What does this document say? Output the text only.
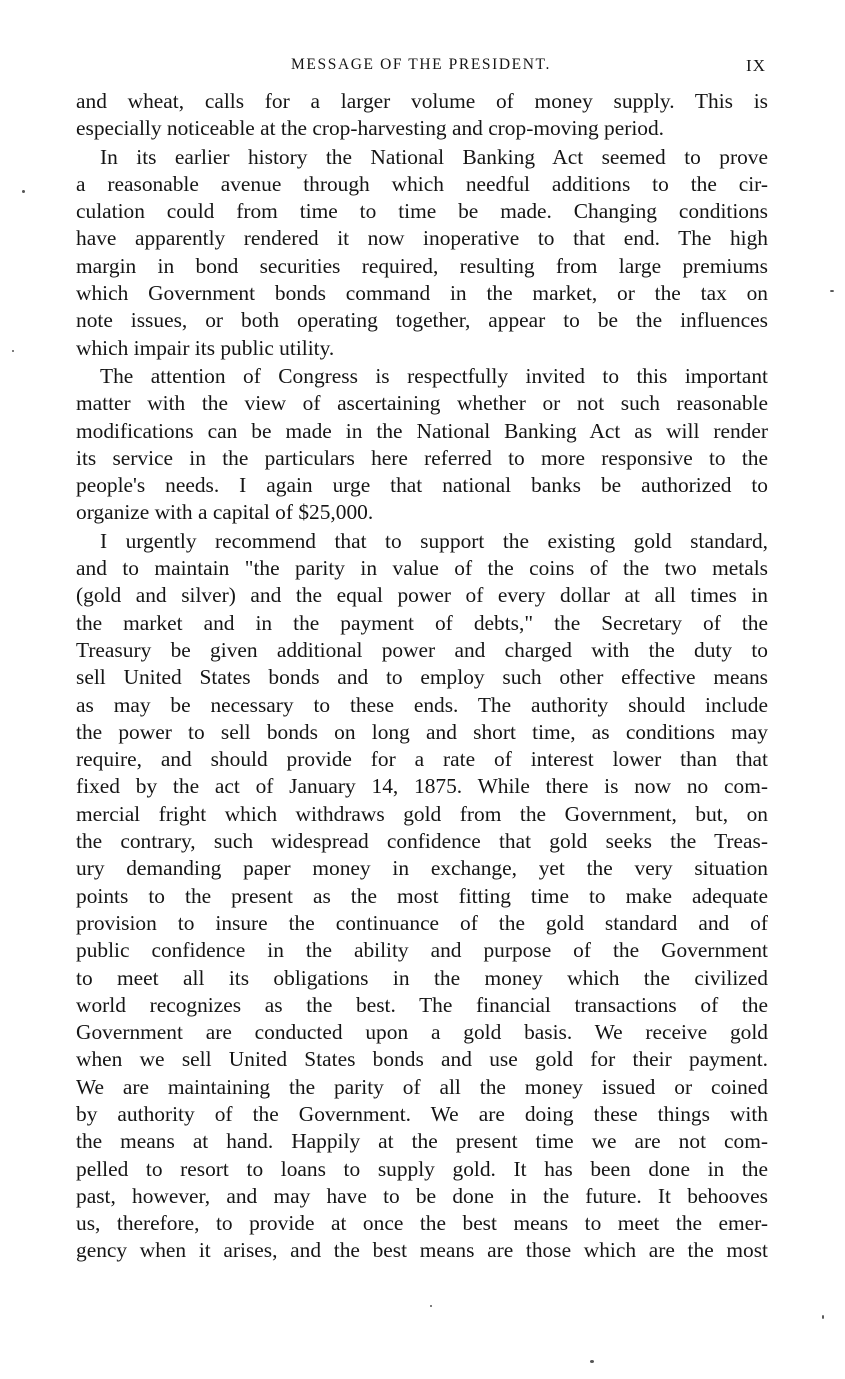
MESSAGE OF THE PRESIDENT.	IX
and wheat, calls for a larger volume of money supply. This is
especially noticeable at the crop-harvesting and crop-moving period.
In its earlier history the National Banking Act seemed to prove
a reasonable avenue through which needful additions to the cir-
culation could from time to time be made. Changing conditions
have apparently rendered it now inoperative to that end. The high
margin in bond securities required, resulting from large premiums
which Government bonds command in the market, or the tax on
note issues, or both operating together, appear to be the influences
which impair its public utility.
The attention of Congress is respectfully invited to this important
matter with the view of ascertaining whether or not such reasonable
modifications can be made in the National Banking Act as will render
its service in the particulars here referred to more responsive to the
people's needs. I again urge that national banks be authorized to
organize with a capital of $25,000.
I urgently recommend that to support the existing gold standard,
and to maintain "the parity in value of the coins of the two metals
(gold and silver) and the equal power of every dollar at all times in
the market and in the payment of debts," the Secretary of the
Treasury be given additional power and charged with the duty to
sell United States bonds and to employ such other effective means
as may be necessary to these ends. The authority should include
the power to sell bonds on long and short time, as conditions may
require, and should provide for a rate of interest lower than that
fixed by the act of January 14, 1875. While there is now no com-
mercial fright which withdraws gold from the Government, but, on
the contrary, such widespread confidence that gold seeks the Treas-
ury demanding paper money in exchange, yet the very situation
points to the present as the most fitting time to make adequate
provision to insure the continuance of the gold standard and of
public confidence in the ability and purpose of the Government
to meet all its obligations in the money which the civilized
world recognizes as the best. The financial transactions of the
Government are conducted upon a gold basis. We receive gold
when we sell United States bonds and use gold for their payment.
We are maintaining the parity of all the money issued or coined
by authority of the Government. We are doing these things with
the means at hand. Happily at the present time we are not com-
pelled to resort to loans to supply gold. It has been done in the
past, however, and may have to be done in the future. It behooves
us, therefore, to provide at once the best means to meet the emer-
gency when it arises, and the best means are those which are the most
